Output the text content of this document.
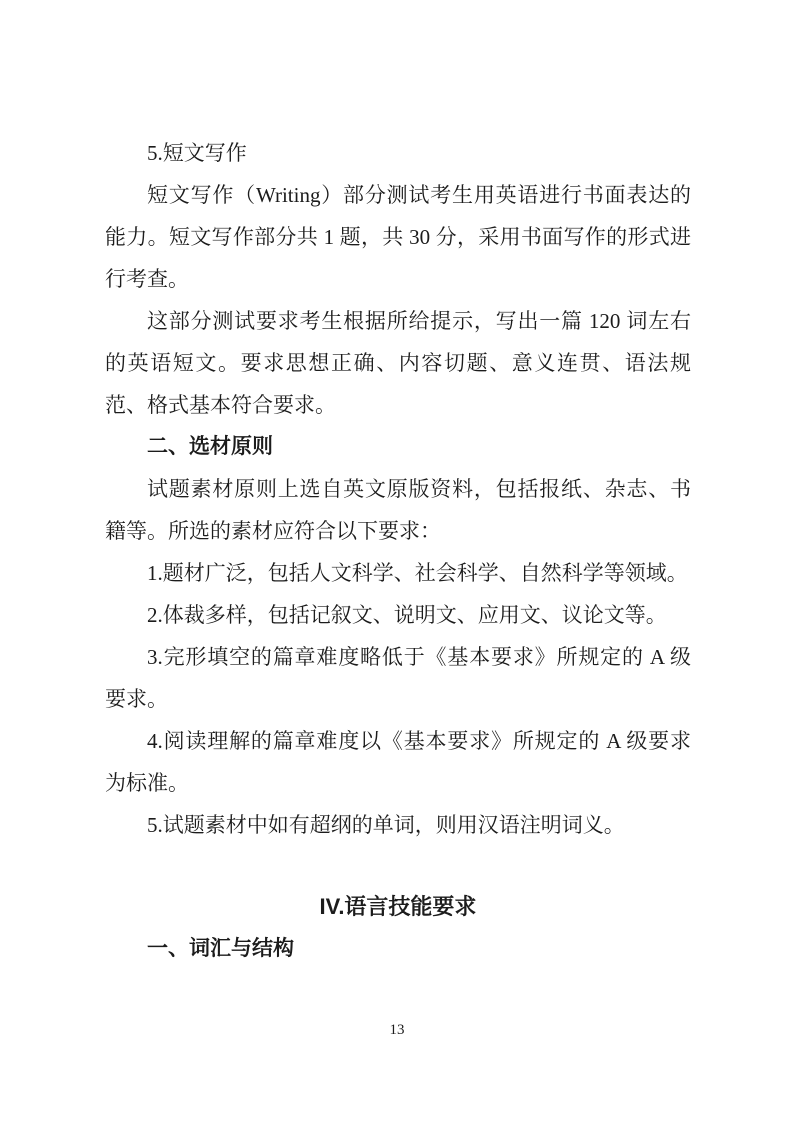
5.短文写作

短文写作（Writing）部分测试考生用英语进行书面表达的能力。短文写作部分共 1 题，共 30 分，采用书面写作的形式进行考查。

这部分测试要求考生根据所给提示，写出一篇 120 词左右的英语短文。要求思想正确、内容切题、意义连贯、语法规范、格式基本符合要求。

二、选材原则

试题素材原则上选自英文原版资料，包括报纸、杂志、书籍等。所选的素材应符合以下要求：

1.题材广泛，包括人文科学、社会科学、自然科学等领域。

2.体裁多样，包括记叙文、说明文、应用文、议论文等。

3.完形填空的篇章难度略低于《基本要求》所规定的 A 级要求。

4.阅读理解的篇章难度以《基本要求》所规定的 A 级要求为标准。

5.试题素材中如有超纲的单词，则用汉语注明词义。

IV.语言技能要求

一、词汇与结构

13
